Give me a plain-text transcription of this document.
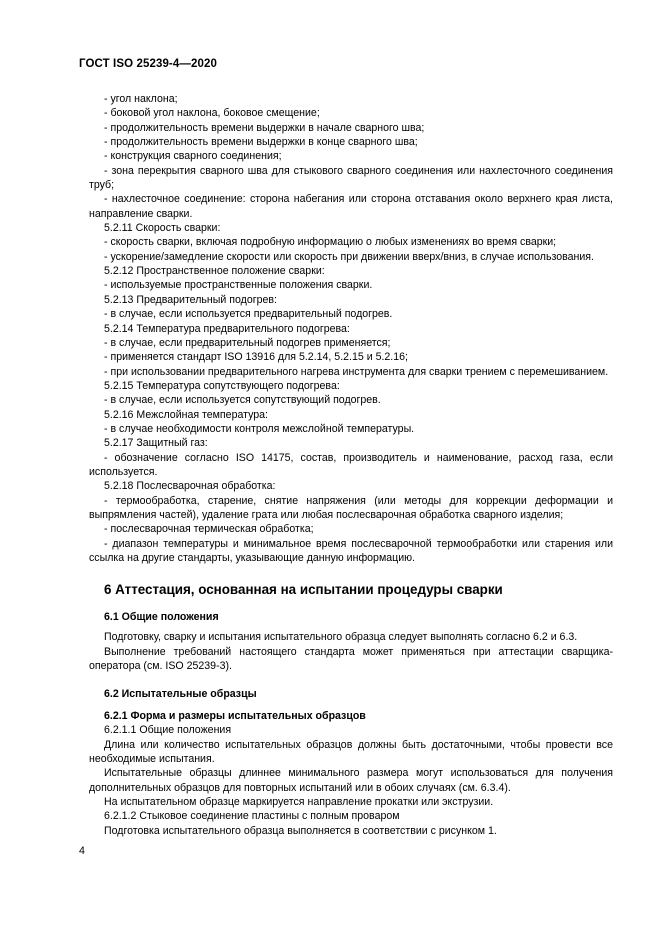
ГОСТ ISO 25239-4—2020

- угол наклона;

- боковой угол наклона, боковое смещение;

- продолжительность времени выдержки в начале сварного шва;

- продолжительность времени выдержки в конце сварного шва;

- конструкция сварного соединения;

- зона перекрытия сварного шва для стыкового сварного соединения или нахлесточного соединения труб;

- нахлесточное соединение: сторона набегания или сторона отставания около верхнего края листа, направление сварки.

5.2.11 Скорость сварки:

- скорость сварки, включая подробную информацию о любых изменениях во время сварки;

- ускорение/замедление скорости или скорость при движении вверх/вниз, в случае использования.

5.2.12 Пространственное положение сварки:

- используемые пространственные положения сварки.

5.2.13 Предварительный подогрев:

- в случае, если используется предварительный подогрев.

5.2.14 Температура предварительного подогрева:

- в случае, если предварительный подогрев применяется;

- применяется стандарт ISO 13916 для 5.2.14, 5.2.15 и 5.2.16;

- при использовании предварительного нагрева инструмента для сварки трением с перемешиванием.

5.2.15 Температура сопутствующего подогрева:

- в случае, если используется сопутствующий подогрев.

5.2.16 Межслойная температура:

- в случае необходимости контроля межслойной температуры.

5.2.17 Защитный газ:

- обозначение согласно ISO 14175, состав, производитель и наименование, расход газа, если используется.

5.2.18 Послесварочная обработка:

- термообработка, старение, снятие напряжения (или методы для коррекции деформации и выпрямления частей), удаление грата или любая послесварочная обработка сварного изделия;

- послесварочная термическая обработка;

- диапазон температуры и минимальное время послесварочной термообработки или старения или ссылка на другие стандарты, указывающие данную информацию.

6 Аттестация, основанная на испытании процедуры сварки
6.1 Общие положения

Подготовку, сварку и испытания испытательного образца следует выполнять согласно 6.2 и 6.3.

Выполнение требований настоящего стандарта может применяться при аттестации сварщика-оператора (см. ISO 25239-3).

6.2 Испытательные образцы
6.2.1 Форма и размеры испытательных образцов

6.2.1.1 Общие положения

Длина или количество испытательных образцов должны быть достаточными, чтобы провести все необходимые испытания.

Испытательные образцы длиннее минимального размера могут использоваться для получения дополнительных образцов для повторных испытаний или в обоих случаях (см. 6.3.4).

На испытательном образце маркируется направление прокатки или экструзии.

6.2.1.2 Стыковое соединение пластины с полным проваром

Подготовка испытательного образца выполняется в соответствии с рисунком 1.

4
